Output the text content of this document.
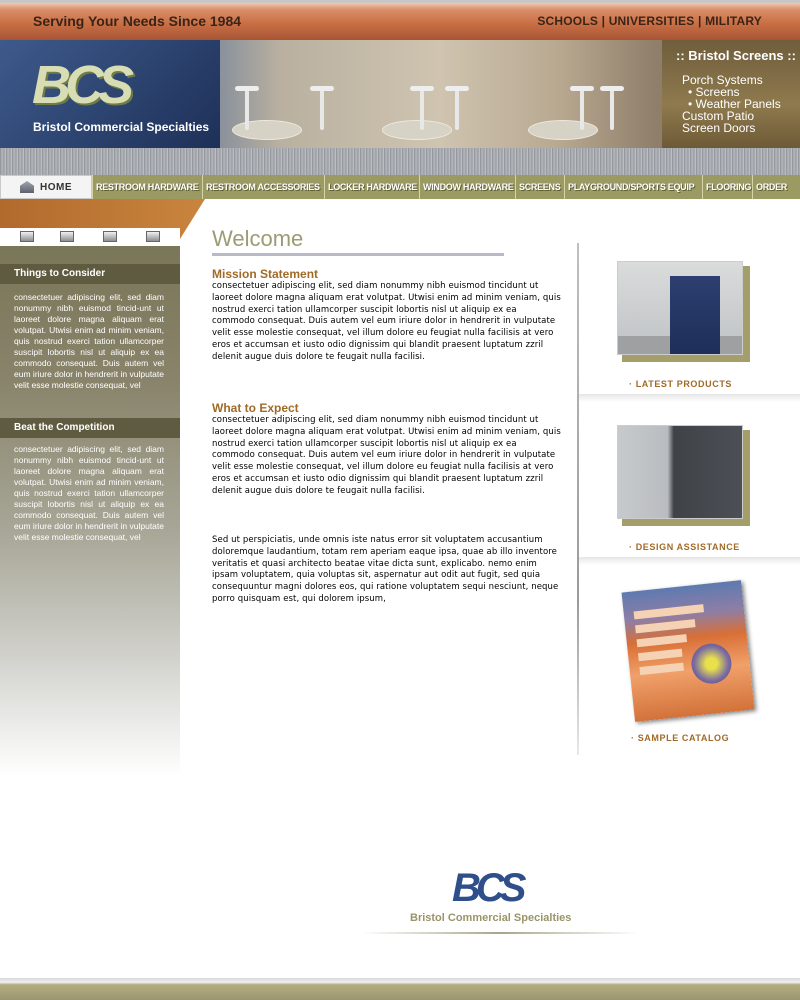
Serving Your Needs Since 1984	SCHOOLS | UNIVERSITIES | MILITARY
BCS
Bristol Commercial Specialties
:: Bristol Screens ::
Porch Systems
• Screens
• Weather Panels
Custom Patio
Screen Doors
HOME	RESTROOM HARDWARE RESTROOM ACCESSORIES LOCKER HARDWARE WINDOW HARDWARE SCREENS PLAYGROUND/SPORTS EQUIP	FLOORING ORDER
Things to Consider
consectetuer adipiscing elit, sed diam nonummy nibh euismod tincid-unt ut laoreet dolore magna aliquam erat volutpat. Utwisi enim ad minim veniam, quis nostrud exerci tation ullamcorper suscipit lobortis nisl ut aliquip ex ea commodo consequat. Duis autem vel eum iriure dolor in hendrerit in vulputate velit esse molestie consequat, vel
Beat the Competition
consectetuer adipiscing elit, sed diam nonummy nibh euismod tincid-unt ut laoreet dolore magna aliquam erat volutpat. Utwisi enim ad minim veniam, quis nostrud exerci tation ullamcorper suscipit lobortis nisl ut aliquip ex ea commodo consequat. Duis autem vel eum iriure dolor in hendrerit in vulputate velit esse molestie consequat, vel
Welcome
Mission Statement
consectetuer adipiscing elit, sed diam nonummy nibh euismod tincidunt ut laoreet dolore magna aliquam erat volutpat. Utwisi enim ad minim veniam, quis nostrud exerci tation ullamcorper suscipit lobortis nisl ut aliquip ex ea commodo consequat. Duis autem vel eum iriure dolor in hendrerit in vulputate velit esse molestie consequat, vel illum dolore eu feugiat nulla facilisis at vero eros et accumsan et iusto odio dignissim qui blandit praesent luptatum zzril delenit augue duis dolore te feugait nulla facilisi.
What to Expect
consectetuer adipiscing elit, sed diam nonummy nibh euismod tincidunt ut laoreet dolore magna aliquam erat volutpat. Utwisi enim ad minim veniam, quis nostrud exerci tation ullamcorper suscipit lobortis nisl ut aliquip ex ea commodo consequat. Duis autem vel eum iriure dolor in hendrerit in vulputate velit esse molestie consequat, vel illum dolore eu feugiat nulla facilisis at vero eros et accumsan et iusto odio dignissim qui blandit praesent luptatum zzril delenit augue duis dolore te feugait nulla facilisi.
Sed ut perspiciatis, unde omnis iste natus error sit voluptatem accusantium doloremque laudantium, totam rem aperiam eaque ipsa, quae ab illo inventore veritatis et quasi architecto beatae vitae dicta sunt, explicabo. nemo enim ipsam voluptatem, quia voluptas sit, aspernatur aut odit aut fugit, sed quia consequuntur magni dolores eos, qui ratione voluptatem sequi nesciunt, neque porro quisquam est, qui dolorem ipsum,
· LATEST PRODUCTS
· DESIGN ASSISTANCE
· SAMPLE CATALOG
BCS
Bristol Commercial Specialties
